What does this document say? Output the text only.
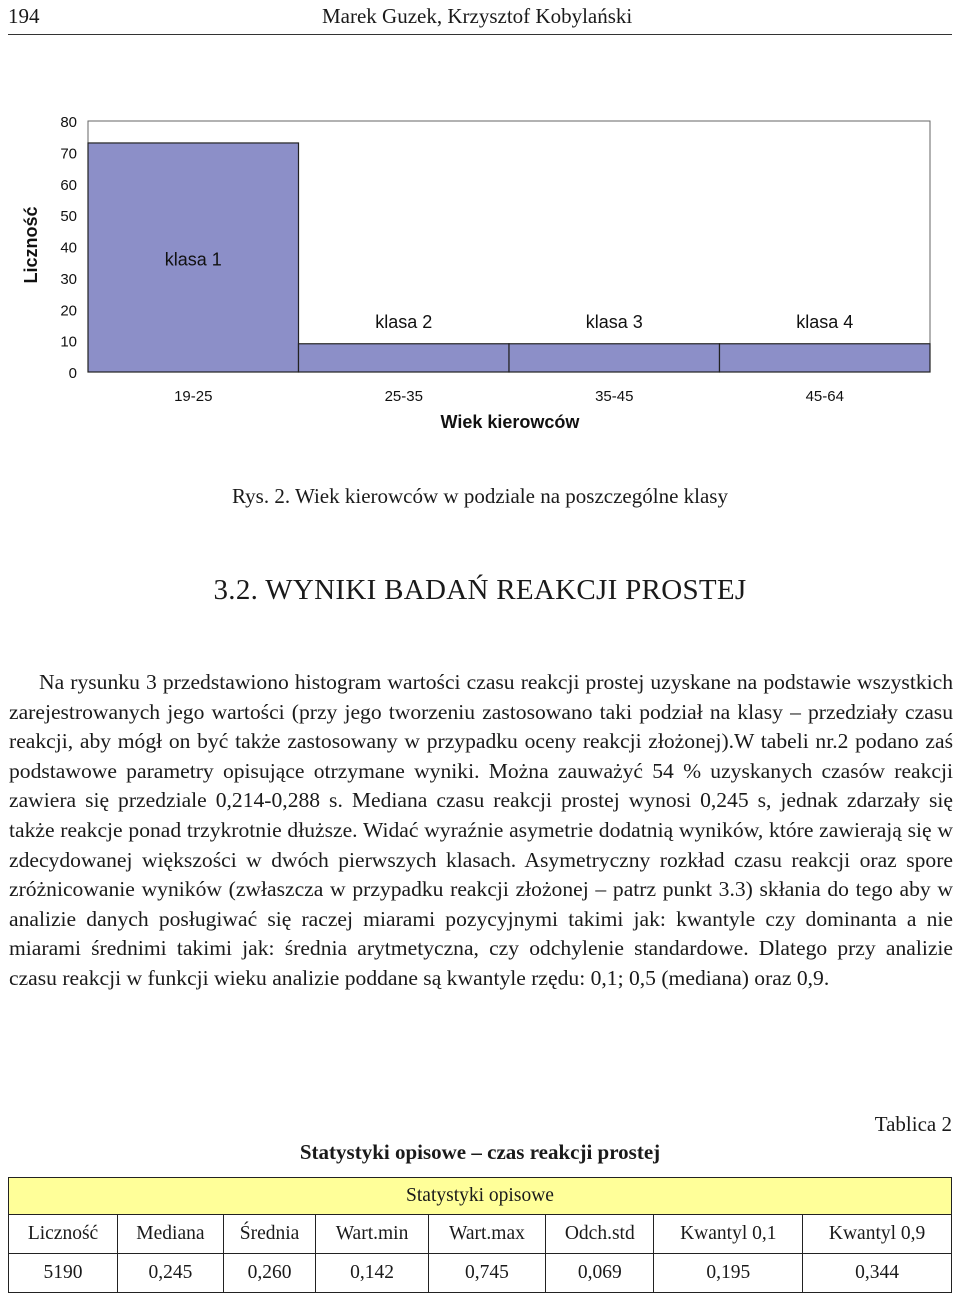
194	Marek Guzek, Krzysztof Kobylański
Liczność
0
10
20
30
40
50
60
70
80
klasa 1
klasa 2	klasa 3	klasa 4
19-25	25-35	35-45	45-64
Wiek kierowców
Rys. 2. Wiek kierowców w podziale na poszczególne klasy
3.2. WYNIKI BADAŃ REAKCJI PROSTEJ

Na rysunku 3 przedstawiono histogram wartości czasu reakcji prostej uzyskane na podstawie wszystkich zarejestrowanych jego wartości (przy jego tworzeniu zastosowano taki podział na klasy – przedziały czasu reakcji, aby mógł on być także zastosowany w przypadku oceny reakcji złożonej).W tabeli nr.2 podano zaś podstawowe parametry opisujące otrzymane wyniki. Można zauważyć 54 % uzyskanych czasów reakcji zawiera się przedziale 0,214-0,288 s. Mediana czasu reakcji prostej wynosi 0,245 s, jednak zdarzały się także reakcje ponad trzykrotnie dłuższe. Widać wyraźnie asymetrie dodatnią wyników, które zawierają się w zdecydowanej większości w dwóch pierwszych klasach. Asymetryczny rozkład czasu reakcji oraz spore zróżnicowanie wyników (zwłaszcza w przypadku reakcji złożonej – patrz punkt 3.3) skłania do tego aby w analizie danych posługiwać się raczej miarami pozycyjnymi takimi jak: kwantyle czy dominanta a nie miarami średnimi takimi jak: średnia arytmetyczna, czy odchylenie standardowe. Dlatego przy analizie czasu reakcji w funkcji wieku analizie poddane są kwantyle rzędu: 0,1; 0,5 (mediana) oraz 0,9.

Tablica 2
Statystyki opisowe – czas reakcji prostej
Statystyki opisowe							
Liczność	Mediana	Średnia	Wart.min	Wart.max	Odch.std	Kwantyl 0,1	Kwantyl 0,9
5190	0,245	0,260	0,142	0,745	0,069	0,195	0,344
